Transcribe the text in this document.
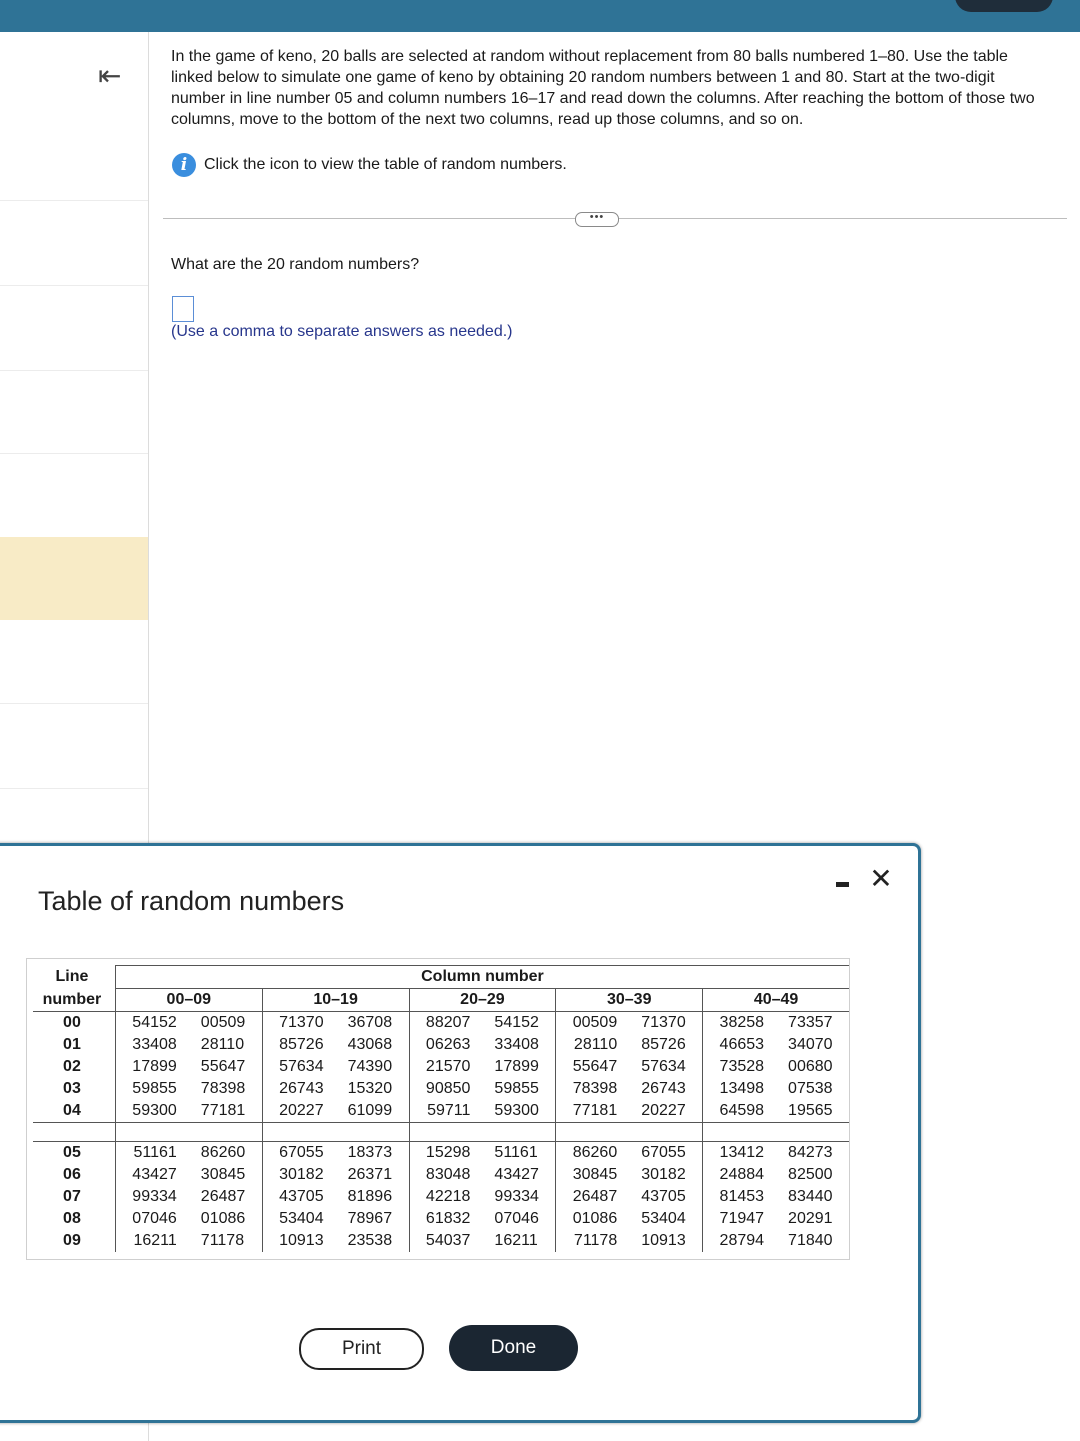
⇤
In the game of keno, 20 balls are selected at random without replacement from 80 balls numbered 1–80. Use the table linked below to simulate one game of keno by obtaining 20 random numbers between 1 and 80. Start at the two-digit number in line number 05 and column numbers 16–17 and read down the columns. After reaching the bottom of those two columns, move to the bottom of the next two columns, read up those columns, and so on.
i	Click the icon to view the table of random numbers.
•••
What are the 20 random numbers?
(Use a comma to separate answers as needed.)
Table of random numbers
✕
Line	Column number									
number	00–09		10–19		20–29		30–39		40–49	
00	54152	00509	71370	36708	88207	54152	00509	71370	38258	73357
01	33408	28110	85726	43068	06263	33408	28110	85726	46653	34070
02	17899	55647	57634	74390	21570	17899	55647	57634	73528	00680
03	59855	78398	26743	15320	90850	59855	78398	26743	13498	07538
04	59300	77181	20227	61099	59711	59300	77181	20227	64598	19565

05	51161	86260	67055	18373	15298	51161	86260	67055	13412	84273
06	43427	30845	30182	26371	83048	43427	30845	30182	24884	82500
07	99334	26487	43705	81896	42218	99334	26487	43705	81453	83440
08	07046	01086	53404	78967	61832	07046	01086	53404	71947	20291
09	16211	71178	10913	23538	54037	16211	71178	10913	28794	71840
Print	Done
